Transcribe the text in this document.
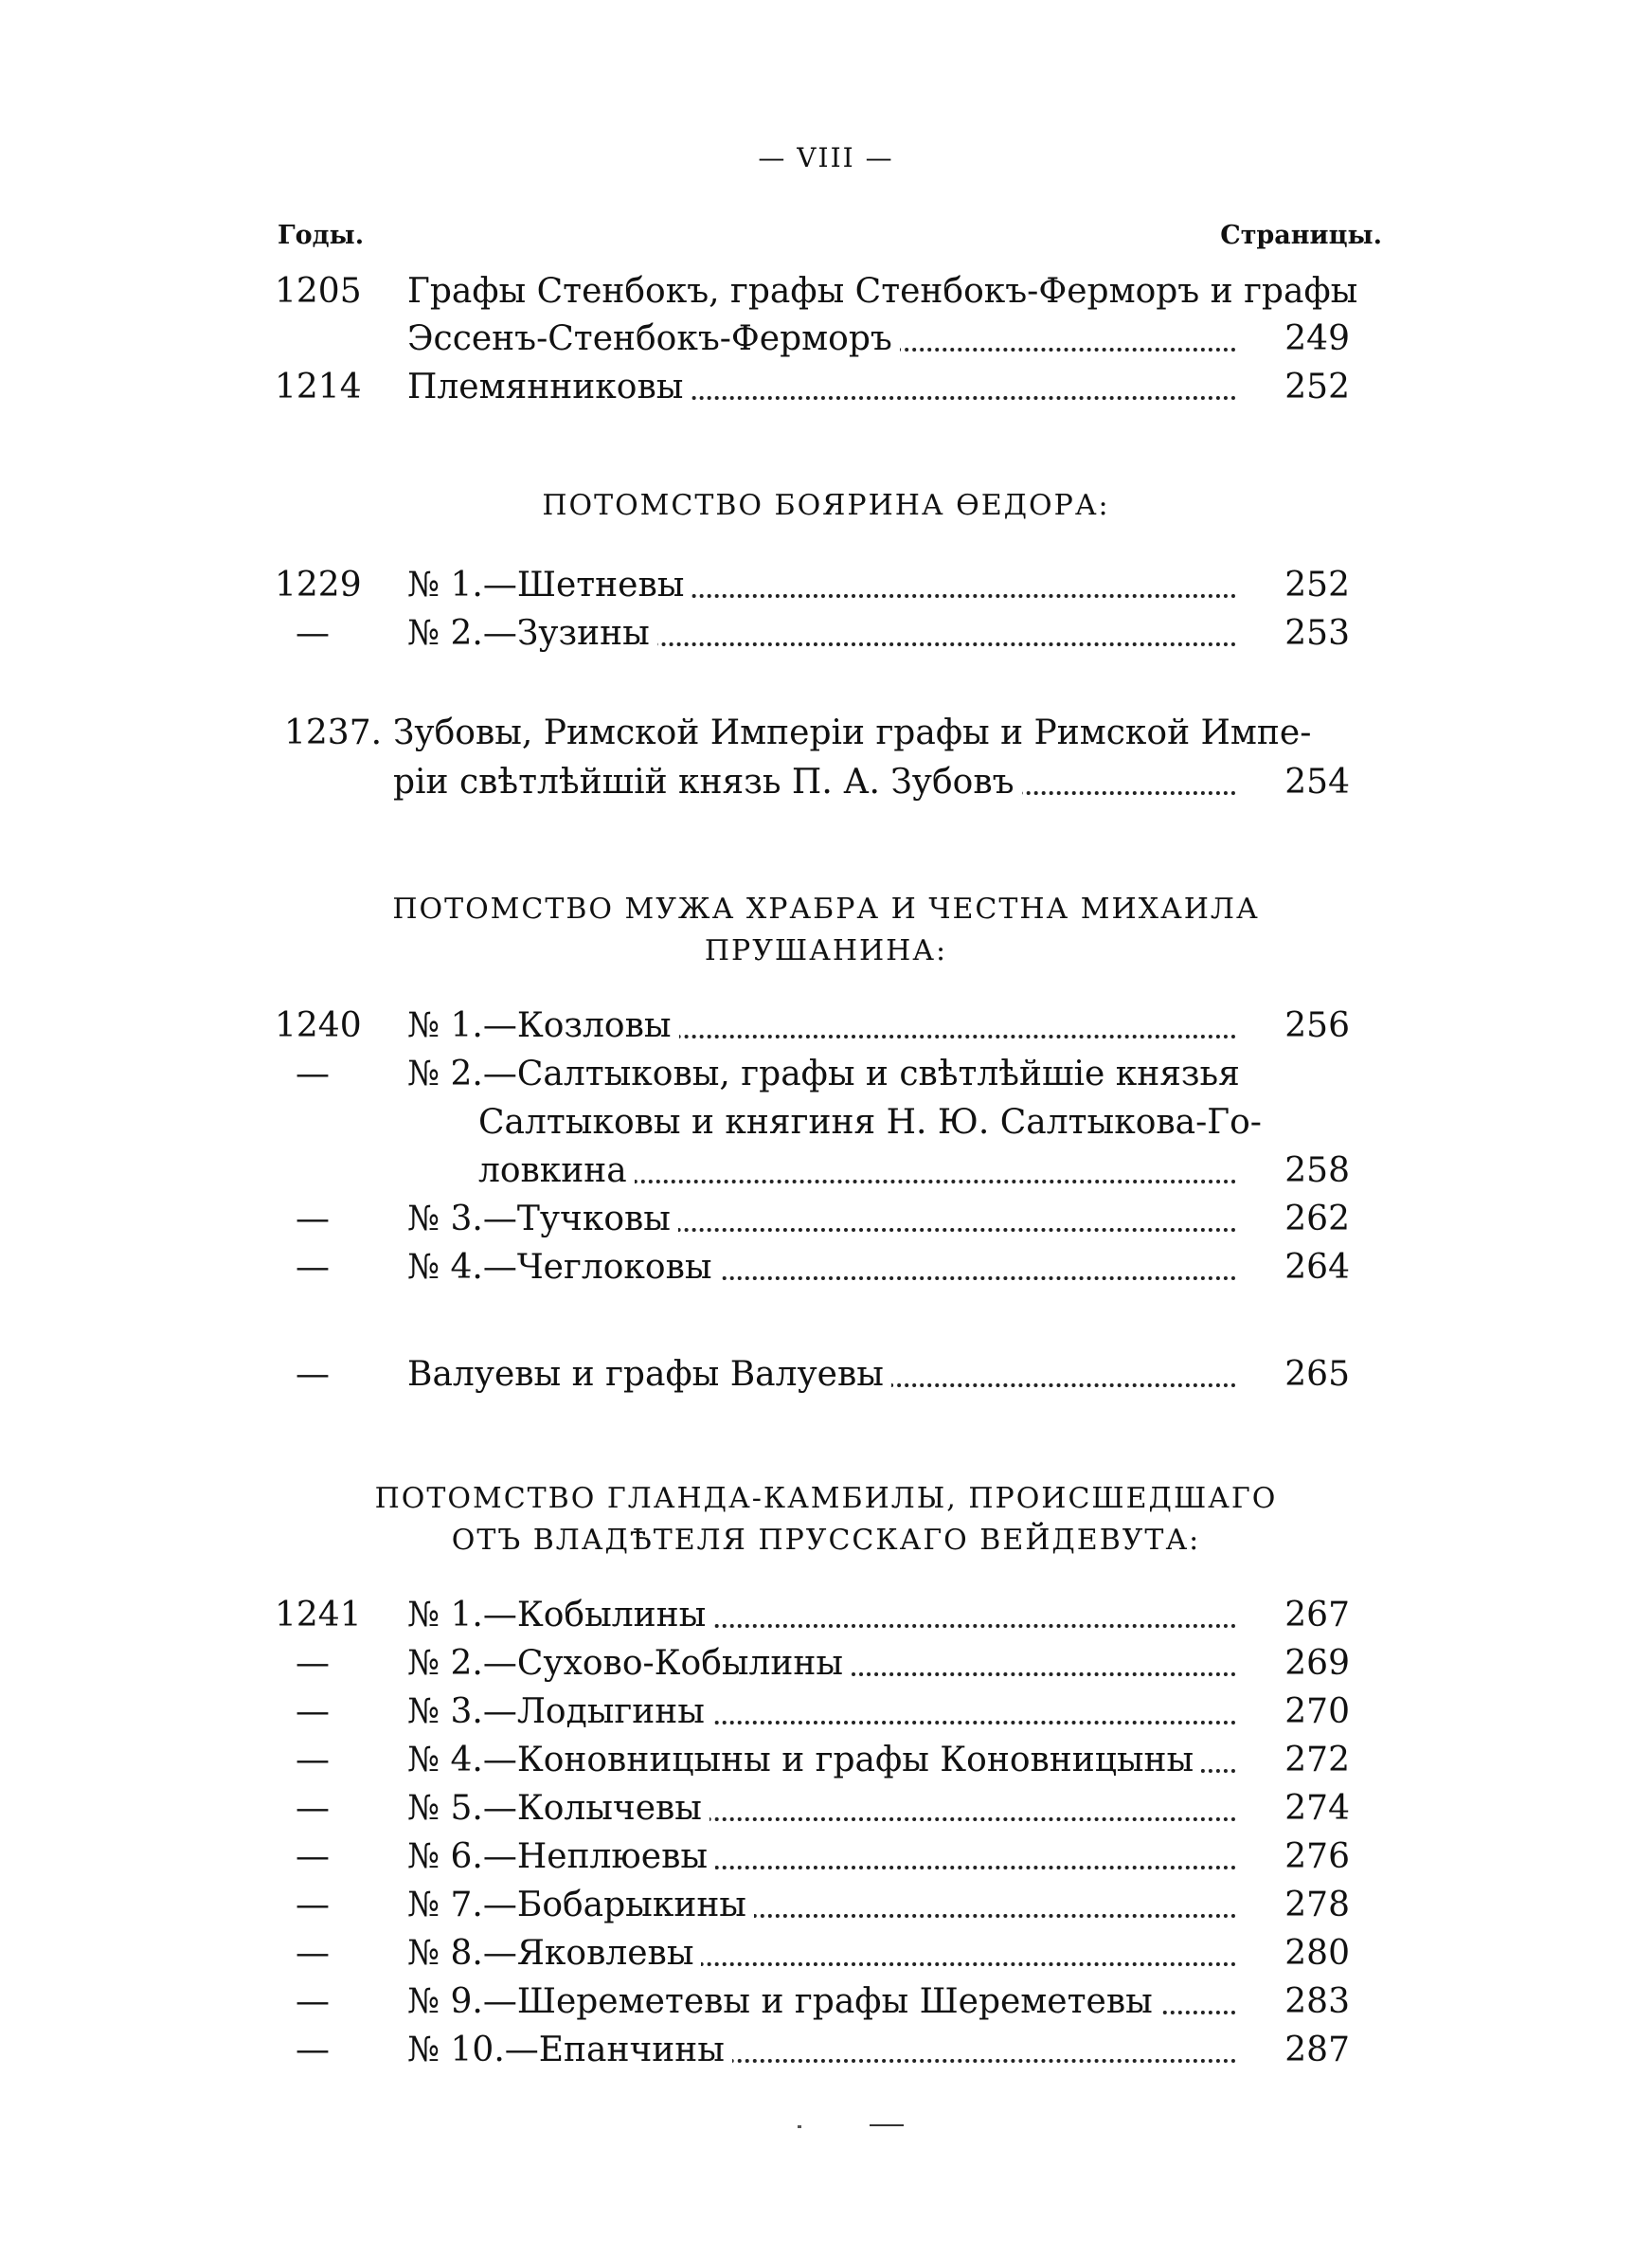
— VIII —
Годы.	Страницы.
1205	Графы Стенбокъ, графы Стенбокъ-Ферморъ и графы
Эссенъ-Стенбокъ-Ферморъ	249
1214	Племянниковы	252
ПОТОМСТВО БОЯРИНА ѲЕДОРА:
1229	№ 1.—Шетневы	252
—	№ 2.—Зузины	253
1237. Зубовы, Римской Имперіи графы и Римской Импе-
ріи свѣтлѣйшій князь П. А. Зубовъ	254
ПОТОМСТВО МУЖА ХРАБРА И ЧЕСТНА МИХАИЛА
ПРУШАНИНА:
1240	№ 1.—Козловы	256
—	№ 2.—Салтыковы, графы и свѣтлѣйшіе князья
Салтыковы и княгиня Н. Ю. Салтыкова-Го-
ловкина	258
—	№ 3.—Тучковы	262
—	№ 4.—Чеглоковы	264
—	Валуевы и графы Валуевы	265
ПОТОМСТВО ГЛАНДА-КАМБИЛЫ, ПРОИСШЕДШАГО
ОТЪ ВЛАДѢТЕЛЯ ПРУССКАГО ВЕЙДЕВУТА:
1241	№ 1.—Кобылины	267
—	№ 2.—Сухово-Кобылины	269
—	№ 3.—Лодыгины	270
—	№ 4.—Коновницыны и графы Коновницыны	272
—	№ 5.—Колычевы	274
—	№ 6.—Неплюевы	276
—	№ 7.—Бобарыкины	278
—	№ 8.—Яковлевы	280
—	№ 9.—Шереметевы и графы Шереметевы	283
—	№ 10.—Епанчины	287
